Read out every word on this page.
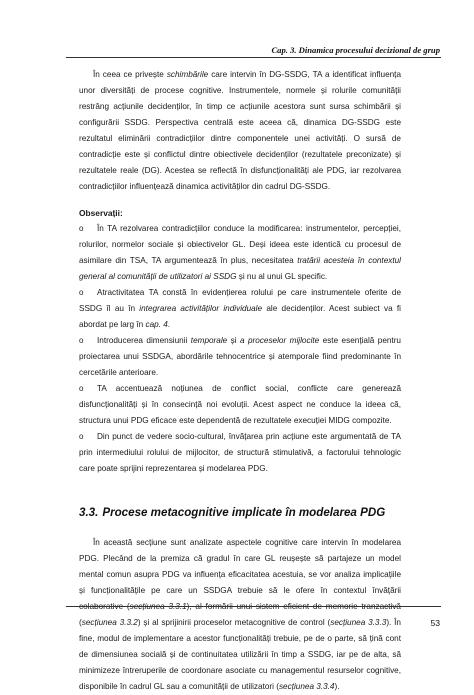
Cap. 3. Dinamica procesului decizional de grup

În ceea ce privește schimbările care intervin în DG-SSDG, TA a identificat influența unor diversități de procese cognitive. Instrumentele, normele și rolurile comunității restrâng acțiunile decidenților, în timp ce acțiunile acestora sunt sursa schimbării și configurării SSDG. Perspectiva centrală este aceea că, dinamica DG-SSDG este rezultatul eliminării contradicțiilor dintre componentele unei activități. O sursă de contradicție este și conflictul dintre obiectivele decidenților (rezultatele preconizate) și rezultatele reale (DG). Acestea se reflectă în disfuncționalități ale PDG, iar rezolvarea contradicțiilor influențează dinamica activităților din cadrul DG-SSDG.

Observații:

o În TA rezolvarea contradicțiilor conduce la modificarea: instrumentelor, percepției, rolurilor, normelor sociale și obiectivelor GL. Deși ideea este identică cu procesul de asimilare din TSA, TA argumentează în plus, necesitatea tratării acesteia în contextul general al comunității de utilizatori ai SSDG și nu al unui GL specific.

o Atractivitatea TA constă în evidențierea rolului pe care instrumentele oferite de SSDG îl au în integrarea activităților individuale ale decidenților. Acest subiect va fi abordat pe larg în cap. 4.

o Introducerea dimensiunii temporale și a proceselor mijlocite este esențială pentru proiectarea unui SSDGA, abordările tehnocentrice și atemporale fiind predominante în cercetările anterioare.

o TA accentuează noțiunea de conflict social, conflicte care generează disfuncționalități și în consecință noi evoluții. Acest aspect ne conduce la ideea că, structura unui PDG eficace este dependentă de rezultatele execuției MIDG compozite.

o Din punct de vedere socio-cultural, învățarea prin acțiune este argumentată de TA prin intermediului rolului de mijlocitor, de structură stimulativă, a factorului tehnologic care poate sprijini reprezentarea și modelarea PDG.

3.3. Procese metacognitive implicate în modelarea PDG

În această secțiune sunt analizate aspectele cognitive care intervin în modelarea PDG. Plecând de la premiza că gradul în care GL reușește să partajeze un model mental comun asupra PDG va influența eficacitatea acestuia, se vor analiza implicațiile și funcționalitățile pe care un SSDGA trebuie să le ofere în contextul învățării colaborative (secțiunea 3.3.1), al formării unui sistem eficient de memorie tranzactivă (secțiunea 3.3.2) și al sprijinirii proceselor metacognitive de control (secțiunea 3.3.3). În fine, modul de implementare a acestor funcționalități trebuie, pe de o parte, să țină cont de dimensiunea socială și de continuitatea utilizării în timp a SSDG, iar pe de alta, să minimizeze întreruperile de coordonare asociate cu managementul resurselor cognitive, disponibile în cadrul GL sau a comunității de utilizatori (secțiunea 3.3.4).

53
